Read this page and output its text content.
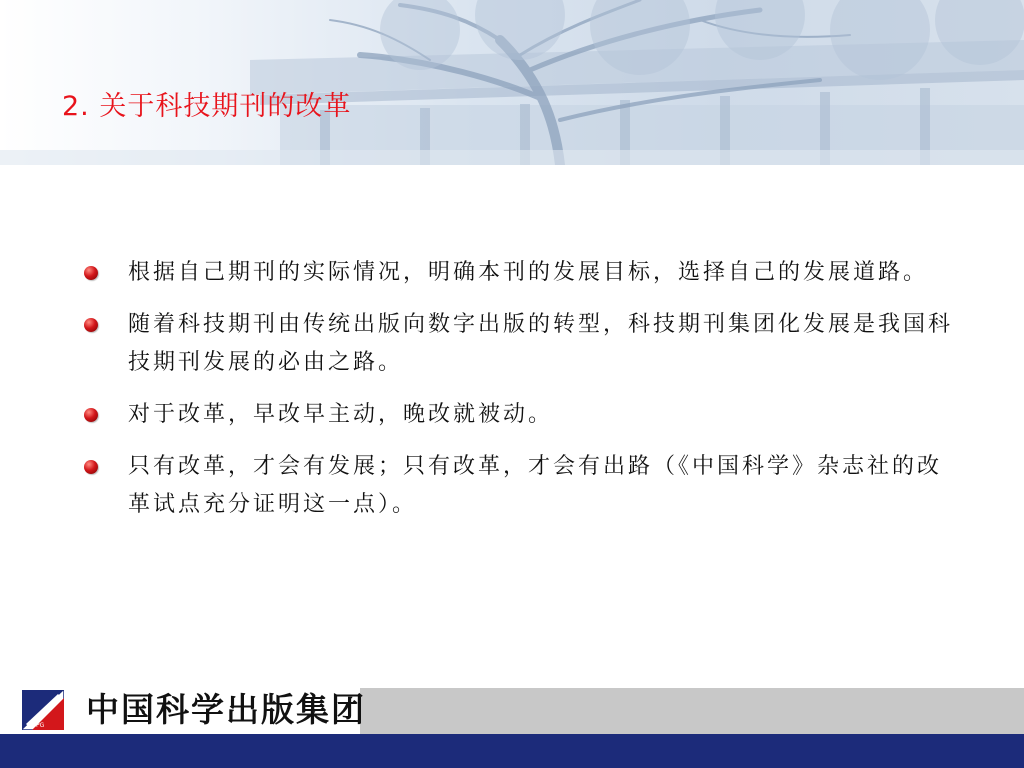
2. 关于科技期刊的改革
根据自己期刊的实际情况，明确本刊的发展目标，选择自己的发展道路。
随着科技期刊由传统出版向数字出版的转型，科技期刊集团化发展是我国科技期刊发展的必由之路。
对于改革，早改早主动，晚改就被动。
只有改革，才会有发展；只有改革，才会有出路（《中国科学》杂志社的改革试点充分证明这一点）。
CSPG 中国科学出版集团
